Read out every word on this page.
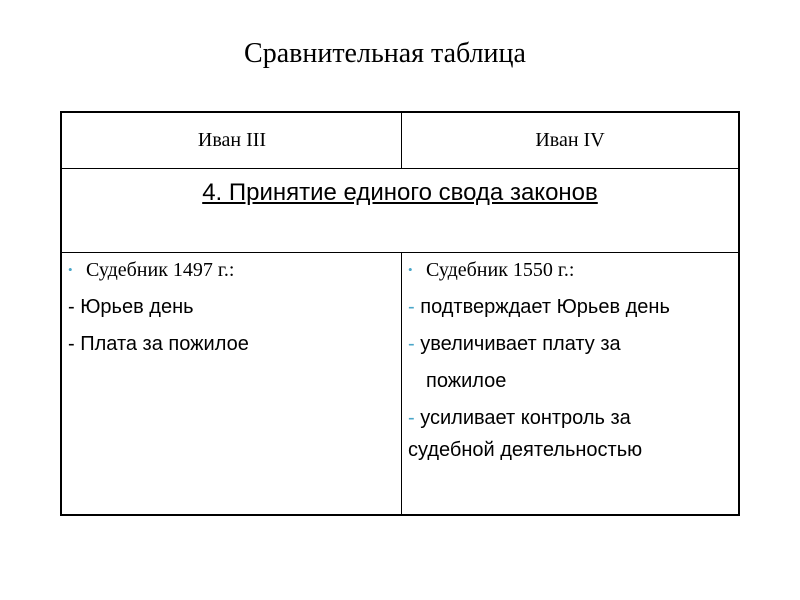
Сравнительная таблица
Иван III	Иван IV
4. Принятие единого свода законов
• Судебник 1497 г.:
- Юрьев день
- Плата за пожилое
• Судебник 1550 г.:
- подтверждает Юрьев день
- увеличивает плату за
пожилое
- усиливает контроль за
судебной деятельностью
